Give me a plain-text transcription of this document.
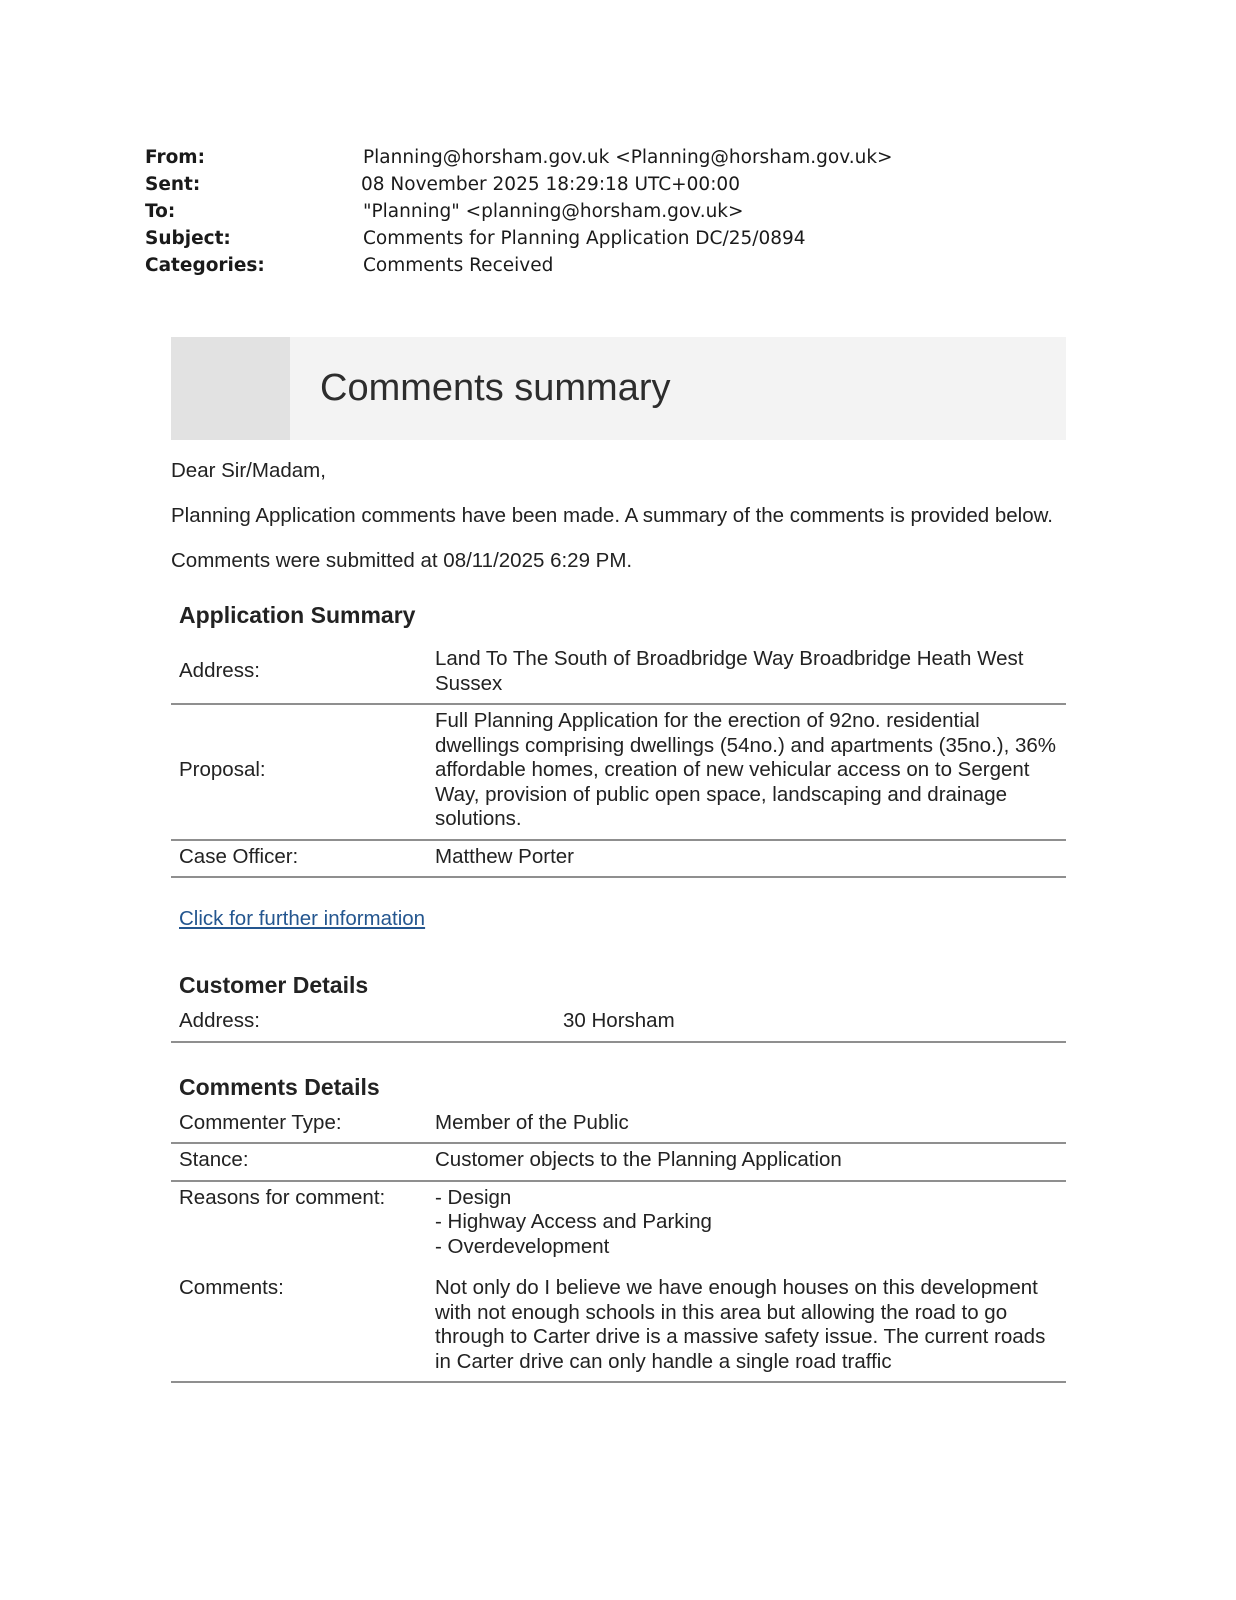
From:	Planning@horsham.gov.uk <Planning@horsham.gov.uk>
Sent:	08 November 2025 18:29:18 UTC+00:00
To:	"Planning" <planning@horsham.gov.uk>
Subject:	Comments for Planning Application DC/25/0894
Categories:	Comments Received
Comments summary

Dear Sir/Madam,

Planning Application comments have been made. A summary of the comments is provided below.

Comments were submitted at 08/11/2025 6:29 PM.

Application Summary
Address:	Land To The South of Broadbridge Way Broadbridge Heath West Sussex
Proposal:	Full Planning Application for the erection of 92no. residential dwellings comprising dwellings (54no.) and apartments (35no.), 36% affordable homes, creation of new vehicular access on to Sergent Way, provision of public open space, landscaping and drainage solutions.
Case Officer:	Matthew Porter
Click for further information
Customer Details
Address:	30 Horsham
Comments Details
Commenter Type:	Member of the Public
Stance:	Customer objects to the Planning Application
Reasons for comment:	- Design
- Highway Access and Parking
- Overdevelopment

Comments:	Not only do I believe we have enough houses on this development with not enough schools in this area but allowing the road to go through to Carter drive is a massive safety issue. The current roads in Carter drive can only handle a single road traffic
